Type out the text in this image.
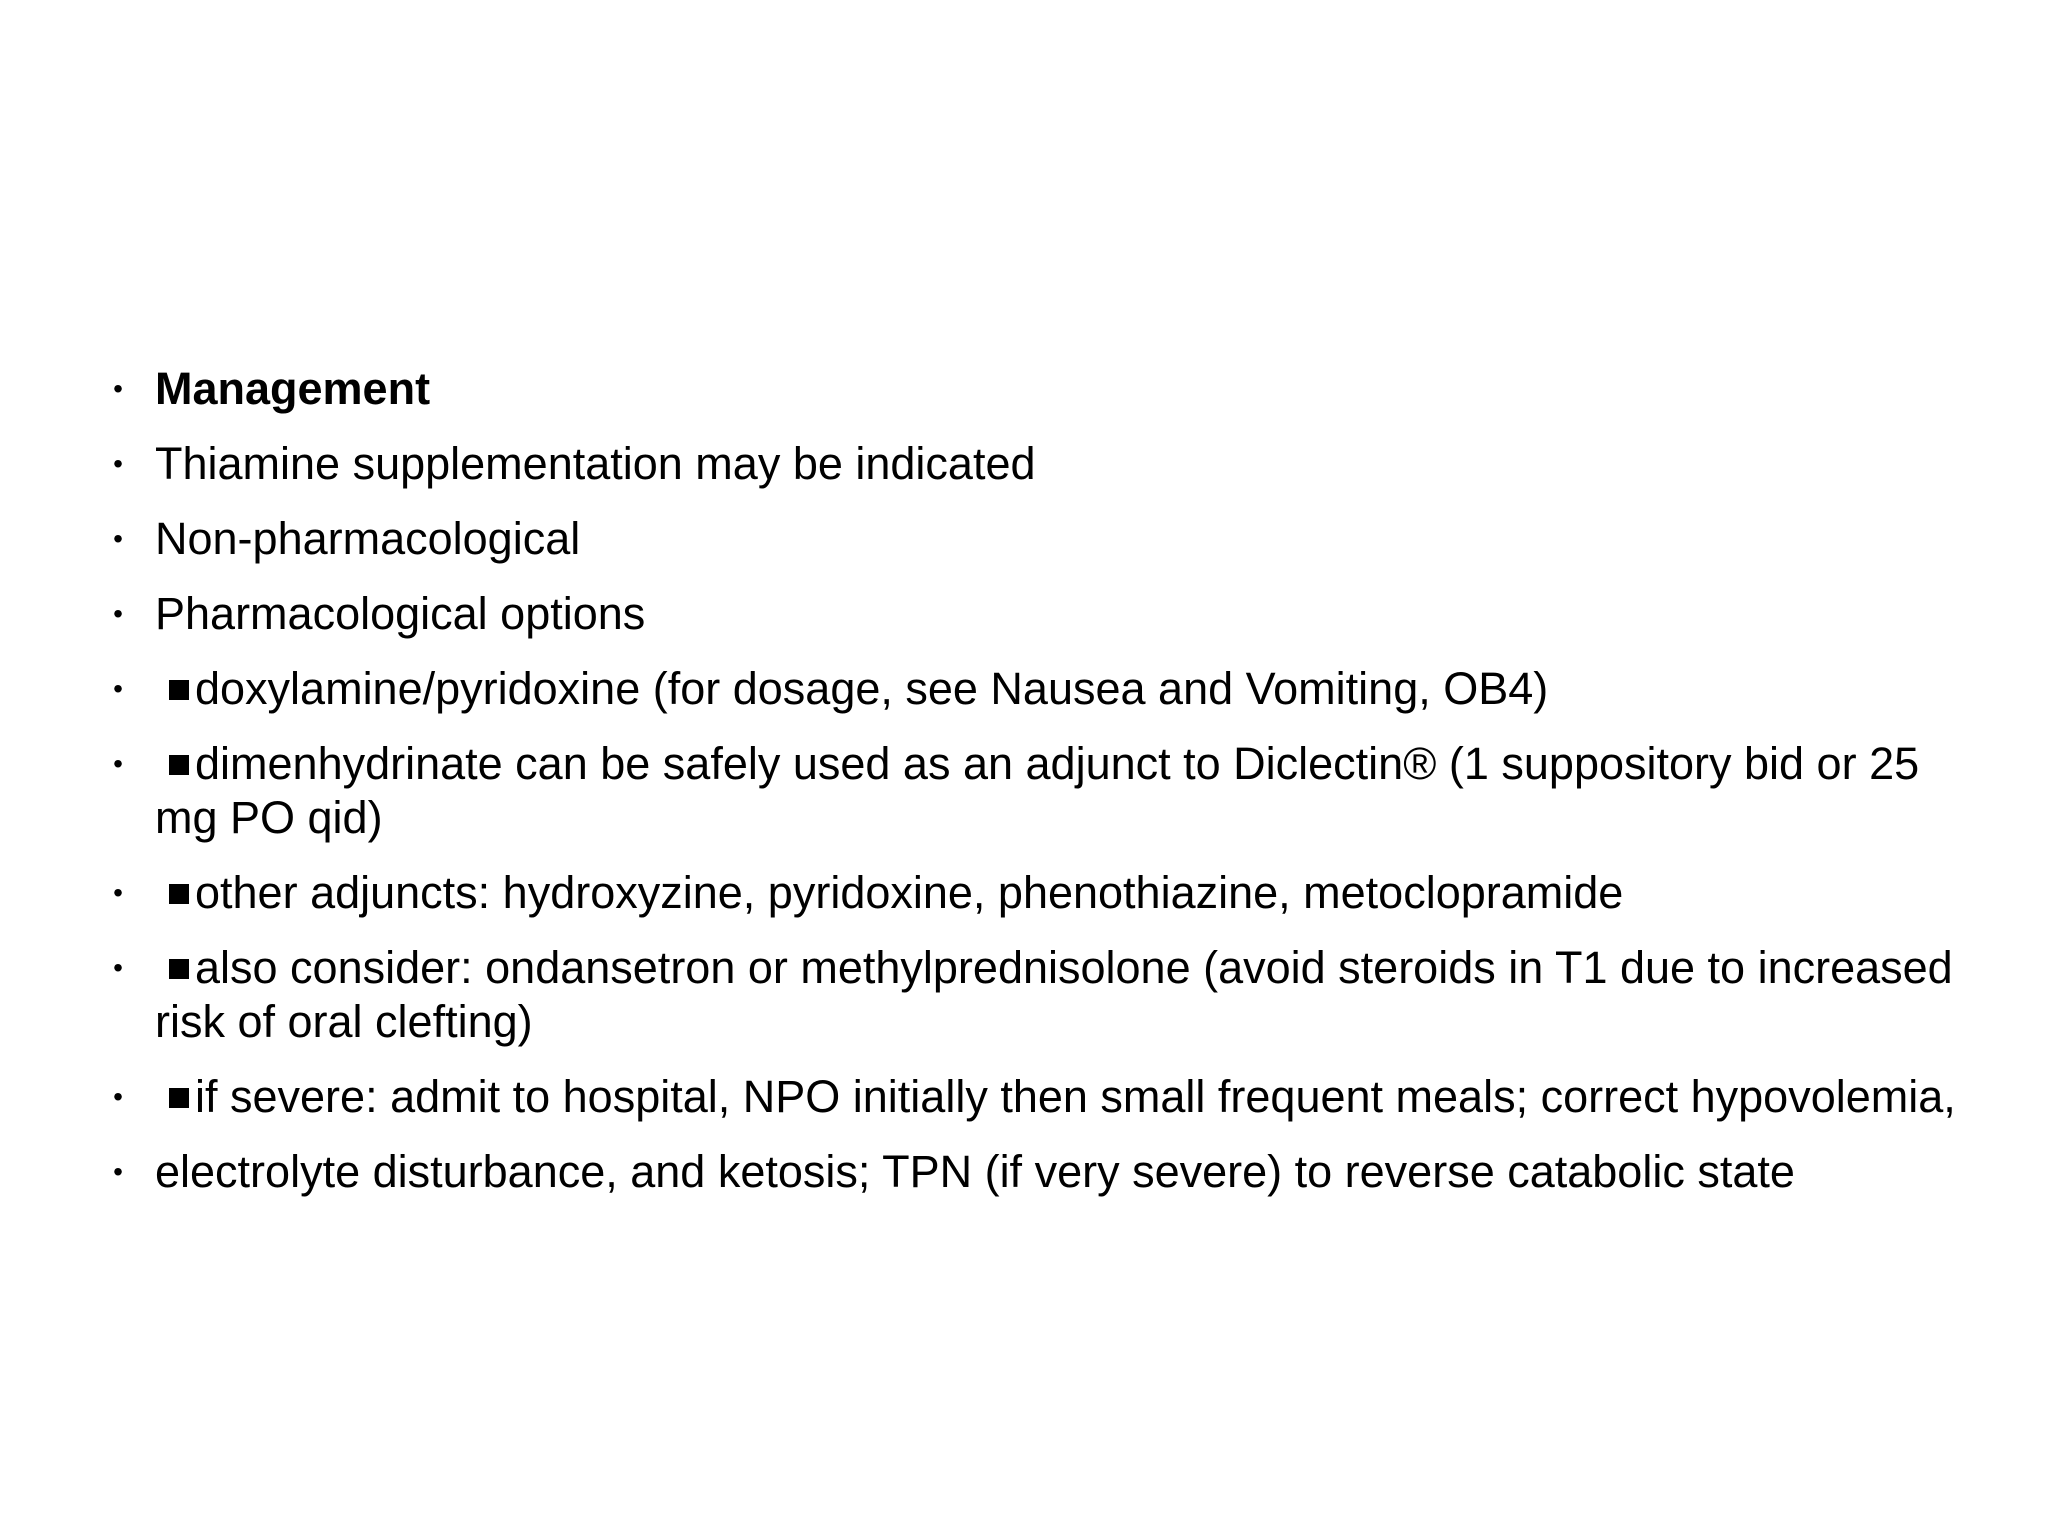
• Management
• Thiamine supplementation may be indicated
• Non-pharmacological
• Pharmacological options
• doxylamine/pyridoxine (for dosage, see Nausea and Vomiting, OB4)
• dimenhydrinate can be safely used as an adjunct to Diclectin® (1 suppository bid or 25 mg PO qid)
• other adjuncts: hydroxyzine, pyridoxine, phenothiazine, metoclopramide
• also consider: ondansetron or methylprednisolone (avoid steroids in T1 due to increased risk of oral clefting)
• if severe: admit to hospital, NPO initially then small frequent meals; correct hypovolemia,
• electrolyte disturbance, and ketosis; TPN (if very severe) to reverse catabolic state
